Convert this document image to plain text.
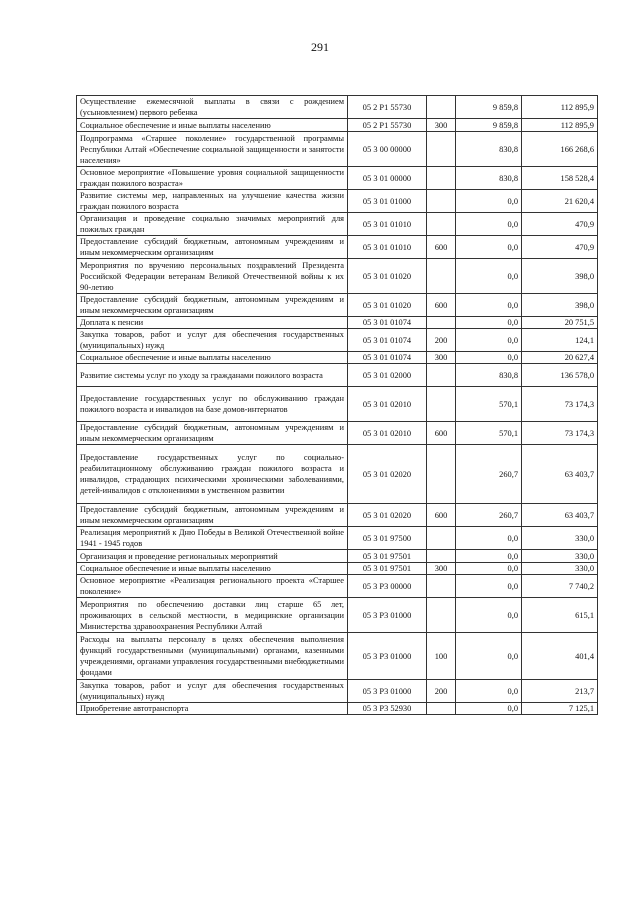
291
Осуществление ежемесячной выплаты в связи с рождением (усыновлением) первого ребенка	05 2 P1 55730		9 859,8	112 895,9
Социальное обеспечение и иные выплаты населению	05 2 P1 55730	300	9 859,8	112 895,9
Подпрограмма «Старшее поколение» государственной программы Республики Алтай «Обеспечение социальной защищенности и занятости населения»	05 3 00 00000		830,8	166 268,6
Основное мероприятие «Повышение уровня социальной защищенности граждан пожилого возраста»	05 3 01 00000		830,8	158 528,4
Развитие системы мер, направленных на улучшение качества жизни граждан пожилого возраста	05 3 01 01000		0,0	21 620,4
Организация и проведение социально значимых мероприятий для пожилых граждан	05 3 01 01010		0,0	470,9
Предоставление субсидий бюджетным, автономным учреждениям и иным некоммерческим организациям	05 3 01 01010	600	0,0	470,9
Мероприятия по вручению персональных поздравлений Президента Российской Федерации ветеранам Великой Отечественной войны к их 90-летию	05 3 01 01020		0,0	398,0
Предоставление субсидий бюджетным, автономным учреждениям и иным некоммерческим организациям	05 3 01 01020	600	0,0	398,0
Доплата к пенсии	05 3 01 01074		0,0	20 751,5
Закупка товаров, работ и услуг для обеспечения государственных (муниципальных) нужд	05 3 01 01074	200	0,0	124,1
Социальное обеспечение и иные выплаты населению	05 3 01 01074	300	0,0	20 627,4
Развитие системы услуг по уходу за гражданами пожилого возраста	05 3 01 02000		830,8	136 578,0
Предоставление государственных услуг по обслуживанию граждан пожилого возраста и инвалидов на базе домов-интернатов	05 3 01 02010		570,1	73 174,3
Предоставление субсидий бюджетным, автономным учреждениям и иным некоммерческим организациям	05 3 01 02010	600	570,1	73 174,3
Предоставление государственных услуг по социально-реабилитационному обслуживанию граждан пожилого возраста и инвалидов, страдающих психическими хроническими заболеваниями, детей-инвалидов с отклонениями в умственном развитии	05 3 01 02020		260,7	63 403,7
Предоставление субсидий бюджетным, автономным учреждениям и иным некоммерческим организациям	05 3 01 02020	600	260,7	63 403,7
Реализация мероприятий к Дню Победы в Великой Отечественной войне 1941 - 1945 годов	05 3 01 97500		0,0	330,0
Организация и проведение региональных мероприятий	05 3 01 97501		0,0	330,0
Социальное обеспечение и иные выплаты населению	05 3 01 97501	300	0,0	330,0
Основное мероприятие «Реализация регионального проекта «Старшее поколение»	05 3 P3 00000		0,0	7 740,2
Мероприятия по обеспечению доставки лиц старше 65 лет, проживающих в сельской местности, в медицинские организации Министерства здравоохранения Республики Алтай	05 3 P3 01000		0,0	615,1
Расходы на выплаты персоналу в целях обеспечения выполнения функций государственными (муниципальными) органами, казенными учреждениями, органами управления государственными внебюджетными фондами	05 3 P3 01000	100	0,0	401,4
Закупка товаров, работ и услуг для обеспечения государственных (муниципальных) нужд	05 3 P3 01000	200	0,0	213,7
Приобретение автотранспорта	05 3 P3 52930		0,0	7 125,1
